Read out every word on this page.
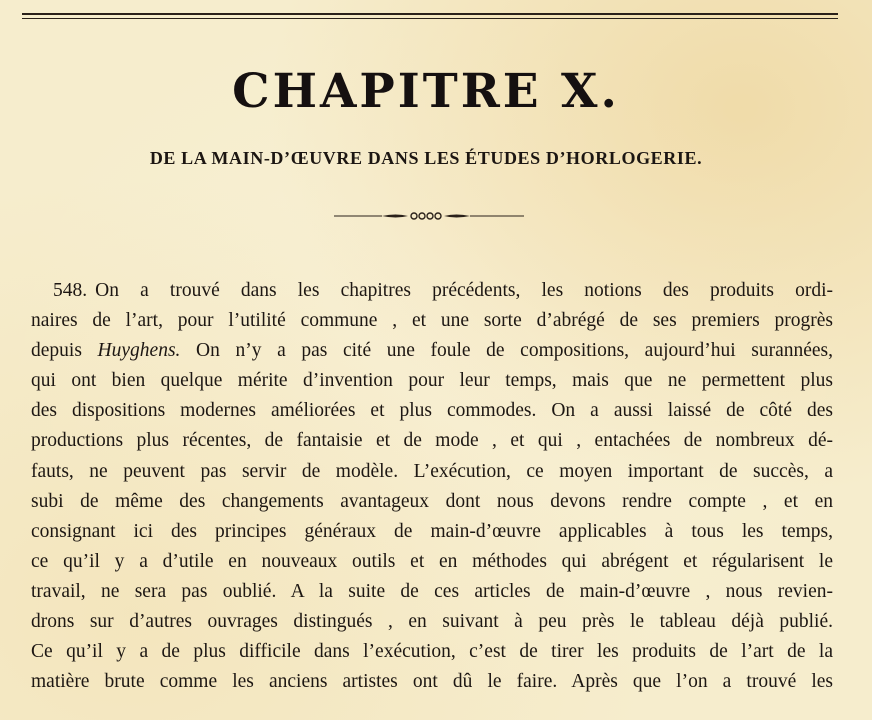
CHAPITRE X.
DE LA MAIN-D’ŒUVRE DANS LES ÉTUDES D’HORLOGERIE.
548. On a trouvé dans les chapitres précédents, les notions des produits ordi-
naires de l’art, pour l’utilité commune , et une sorte d’abrégé de ses premiers progrès
depuis Huyghens. On n’y a pas cité une foule de compositions, aujourd’hui surannées,
qui ont bien quelque mérite d’invention pour leur temps, mais que ne permettent plus
des dispositions modernes améliorées et plus commodes. On a aussi laissé de côté des
productions plus récentes, de fantaisie et de mode , et qui , entachées de nombreux dé-
fauts, ne peuvent pas servir de modèle. L’exécution, ce moyen important de succès, a
subi de même des changements avantageux dont nous devons rendre compte , et en
consignant ici des principes généraux de main-d’œuvre applicables à tous les temps,
ce qu’il y a d’utile en nouveaux outils et en méthodes qui abrégent et régularisent le
travail, ne sera pas oublié. A la suite de ces articles de main-d’œuvre , nous revien-
drons sur d’autres ouvrages distingués , en suivant à peu près le tableau déjà publié.
Ce qu’il y a de plus difficile dans l’exécution, c’est de tirer les produits de l’art de la
matière brute comme les anciens artistes ont dû le faire. Après que l’on a trouvé les
